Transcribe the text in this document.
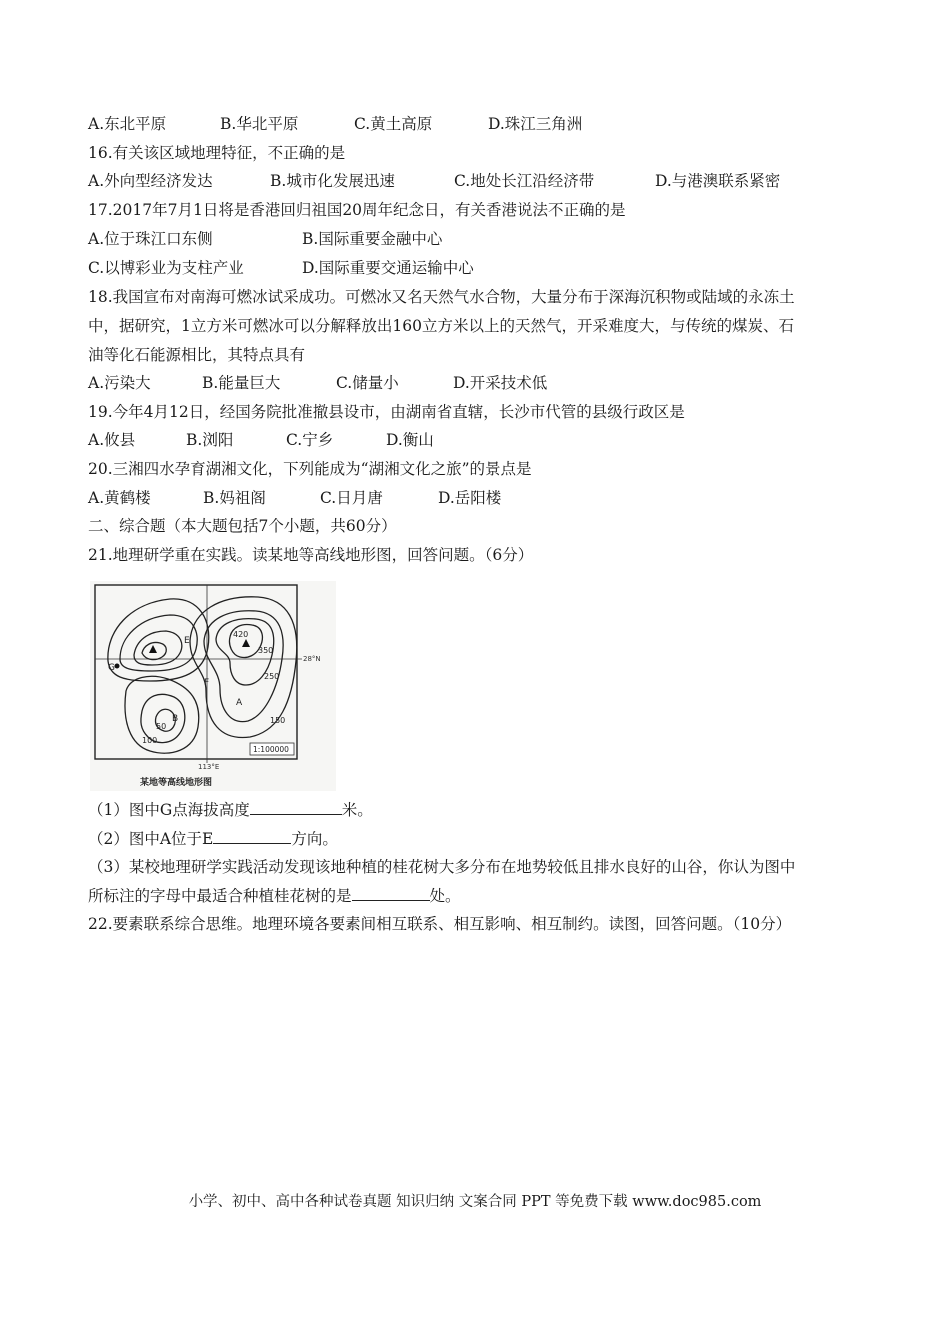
A.东北平原	B.华北平原	C.黄土高原	D.珠江三角洲
16.有关该区域地理特征，不正确的是
A.外向型经济发达	B.城市化发展迅速	C.地处长江沿经济带	D.与港澳联系紧密
17.2017年7月1日将是香港回归祖国20周年纪念日，有关香港说法不正确的是
A.位于珠江口东侧	B.国际重要金融中心
C.以博彩业为支柱产业	D.国际重要交通运输中心
18.我国宣布对南海可燃冰试采成功。可燃冰又名天然气水合物，大量分布于深海沉积物或陆域的永冻土
中，据研究，1立方米可燃冰可以分解释放出160立方米以上的天然气，开采难度大，与传统的煤炭、石
油等化石能源相比，其特点具有
A.污染大	B.能量巨大	C.储量小	D.开采技术低
19.今年4月12日，经国务院批准撤县设市，由湖南省直辖，长沙市代管的县级行政区是
A.攸县	B.浏阳	C.宁乡	D.衡山
20.三湘四水孕育湖湘文化，下列能成为“湖湘文化之旅”的景点是
A.黄鹤楼	B.妈祖阁	C.日月唐	D.岳阳楼
二、综合题（本大题包括7个小题，共60分）
21.地理研学重在实践。读某地等高线地形图，回答问题。（6分）
28°N
113°E
1:100000
420
350
250
150
100
50
G
E
F
A
B
某地等高线地形图
（1）图中G点海拔高度	米。
（2）图中A位于E	方向。
（3）某校地理研学实践活动发现该地种植的桂花树大多分布在地势较低且排水良好的山谷，你认为图中
所标注的字母中最适合种植桂花树的是	处。
22.要素联系综合思维。地理环境各要素间相互联系、相互影响、相互制约。读图，回答问题。（10分）
小学、初中、高中各种试卷真题 知识归纳 文案合同 PPT 等免费下载 www.doc985.com
